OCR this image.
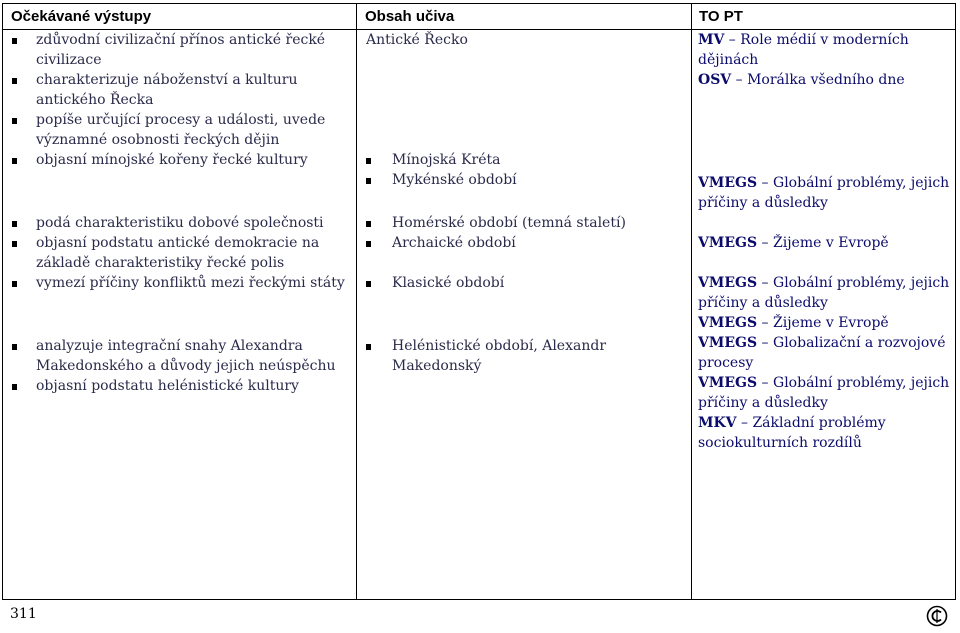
Očekávané výstupy	Obsah učiva	TO PT
zdůvodní civilizační přínos antické řecké
civilizace
charakterizuje náboženství a kulturu
antického Řecka
popíše určující procesy a události, uvede
významné osobnosti řeckých dějin
objasní mínojské kořeny řecké kultury
podá charakteristiku dobové společnosti
objasní podstatu antické demokracie na
základě charakteristiky řecké polis
vymezí příčiny konfliktů mezi řeckými státy
analyzuje integrační snahy Alexandra
Makedonského a důvody jejich neúspěchu
objasní podstatu helénistické kultury
Antické Řecko
Mínojská Kréta
Mykénské období
Homérské období (temná staletí)
Archaické období
Klasické období
Helénistické období, Alexandr
Makedonský
MV – Role médií v moderních
dějinách
OSV – Morálka všedního dne
VMEGS – Globální problémy, jejich
příčiny a důsledky
VMEGS – Žijeme v Evropě
VMEGS – Globální problémy, jejich
příčiny a důsledky
VMEGS – Žijeme v Evropě
VMEGS – Globalizační a rozvojové
procesy
VMEGS – Globální problémy, jejich
příčiny a důsledky
MKV – Základní problémy
sociokulturních rozdílů
311
